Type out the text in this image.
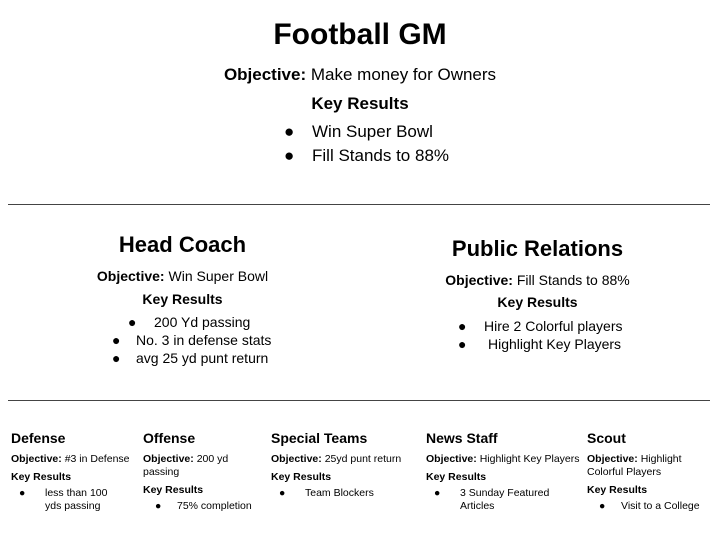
Football GM
Objective: Make money for Owners
Key Results
● Win Super Bowl
● Fill Stands to 88%
Head Coach
Objective: Win Super Bowl
Key Results
● 200 Yd passing
● No. 3 in defense stats
● avg 25 yd punt return
Public Relations
Objective: Fill Stands to 88%
Key Results
● Hire 2 Colorful players
● Highlight Key Players
Defense
Objective: #3 in Defense
Key Results
● less than 100 yds passing
Offense
Objective: 200 yd passing
Key Results
● 75% completion
Special Teams
Objective: 25yd punt return
Key Results
● Team Blockers
News Staff
Objective: Highlight Key Players
Key Results
● 3 Sunday Featured Articles
Scout
Objective: Highlight Colorful Players
Key Results
● Visit to a College
